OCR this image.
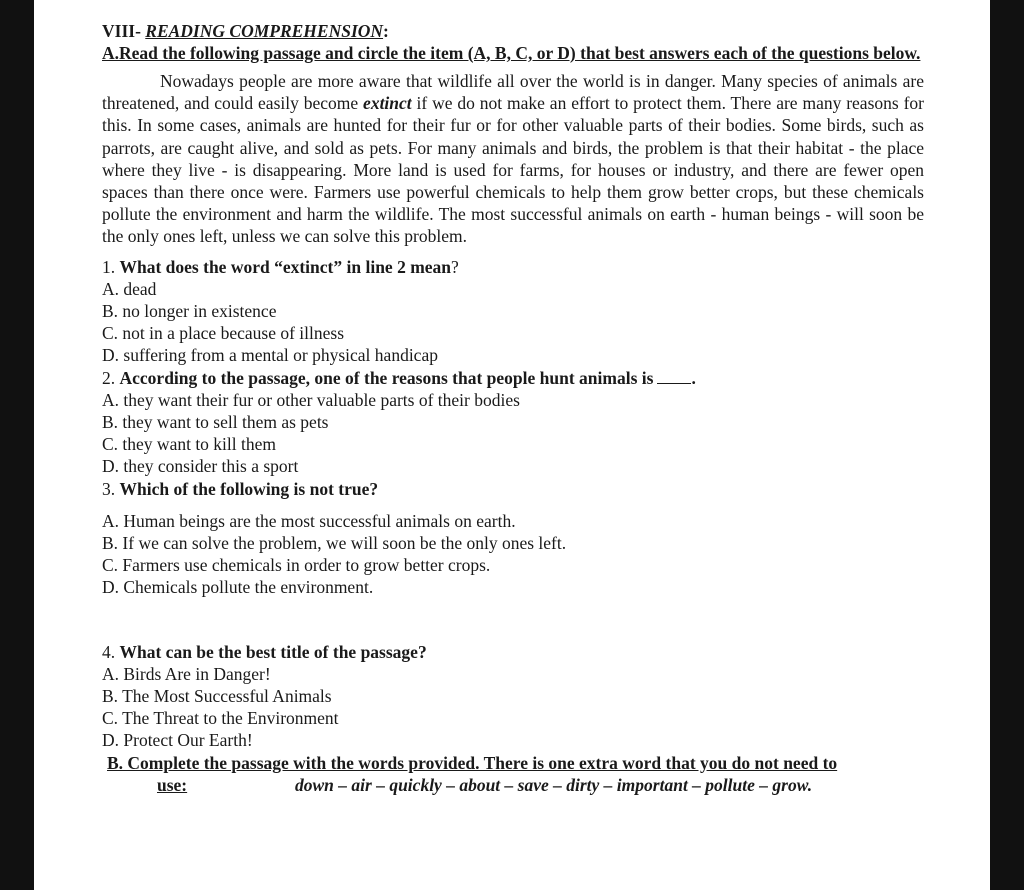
VIII- READING COMPREHENSION:
A.Read the following passage and circle the item (A, B, C, or D) that best answers each of the questions below.
Nowadays people are more aware that wildlife all over the world is in danger. Many species of animals are threatened, and could easily become extinct if we do not make an effort to protect them. There are many reasons for this. In some cases, animals are hunted for their fur or for other valuable parts of their bodies. Some birds, such as parrots, are caught alive, and sold as pets. For many animals and birds, the problem is that their habitat - the place where they live - is disappearing. More land is used for farms, for houses or industry, and there are fewer open spaces than there once were. Farmers use powerful chemicals to help them grow better crops, but these chemicals pollute the environment and harm the wildlife. The most successful animals on earth - human beings - will soon be the only ones left, unless we can solve this problem.
1. What does the word “extinct” in line 2 mean?
A. dead
B. no longer in existence
C. not in a place because of illness
D. suffering from a mental or physical handicap
2. According to the passage, one of the reasons that people hunt animals is .
A. they want their fur or other valuable parts of their bodies
B. they want to sell them as pets
C. they want to kill them
D. they consider this a sport
3. Which of the following is not true?
A. Human beings are the most successful animals on earth.
B. If we can solve the problem, we will soon be the only ones left.
C. Farmers use chemicals in order to grow better crops.
D. Chemicals pollute the environment.
4. What can be the best title of the passage?
A. Birds Are in Danger!
B. The Most Successful Animals
C. The Threat to the Environment
D. Protect Our Earth!
B. Complete the passage with the words provided. There is one extra word that you do not need to
use:	down – air – quickly – about – save – dirty – important – pollute – grow.
